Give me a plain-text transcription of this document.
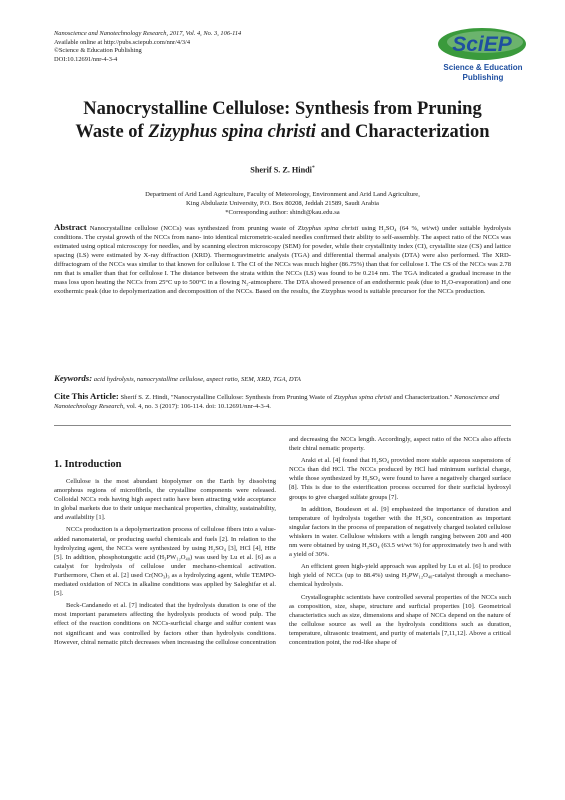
Nanoscience and Nanotechnology Research, 2017, Vol. 4, No. 3, 106-114
Available online at http://pubs.sciepub.com/nnr/4/3/4
©Science & Education Publishing
DOI:10.12691/nnr-4-3-4
SciEP
Science & Education
Publishing
Nanocrystalline Cellulose: Synthesis from Pruning
Waste of Zizyphus spina christi and Characterization
Sherif S. Z. Hindi*
Department of Arid Land Agriculture, Faculty of Meteorology, Environment and Arid Land Agriculture,
King Abdulaziz University, P.O. Box 80208, Jeddah 21589, Saudi Arabia
*Corresponding author: shindi@kau.edu.sa
Abstract Nanocrystalline cellulose (NCCs) was synthesized from pruning waste of Zizyphus spina christi using H₂SO₄ (64 %, wt/wt) under suitable hydrolysis conditions. The crystal growth of the NCCs from nano- into identical micrometric-scaled needles confirmed their ability to self-assembly. The aspect ratio of the NCCs was estimated using optical microscopy for needles, and by scanning electron microscopy (SEM) for powder, while their crystallinity index (CI), crystallite size (CS) and lattice spacing (LS) were estimated by X-ray diffraction (XRD). Thermogravimetric analysis (TGA) and differential thermal analysis (DTA) were also performed. The XRD-diffractogram of the NCCs was similar to that known for cellulose I. The CI of the NCCs was much higher (86.75%) than that for cellulose I. The CS of the NCCs was 2.78 nm that is smaller than that for cellulose I. The distance between the strata within the NCCs (LS) was found to be 0.214 nm. The TGA indicated a gradual increase in the mass loss upon heating the NCCs from 25°C up to 500°C in a flowing N₂-atmosphere. The DTA showed presence of an endothermic peak (due to H₂O-evaporation) and one exothermic peak (due to depolymerization and decomposition of the NCCs. Based on the results, the Zizyphus wood is suitable precursor for the NCCs production.
Keywords: acid hydrolysis, nanocrystalline cellulose, aspect ratio, SEM, XRD, TGA, DTA
Cite This Article: Sherif S. Z. Hindi, "Nanocrystalline Cellulose: Synthesis from Pruning Waste of Zizyphus spina christi and Characterization." Nanoscience and Nanotechnology Research, vol. 4, no. 3 (2017): 106-114. doi: 10.12691/nnr-4-3-4.
1. Introduction

Cellulose is the most abundant biopolymer on the Earth by dissolving amorphous regions of microfibrils, the crystalline components were released. Colloidal NCCs rods having high aspect ratio have been attracting wide acceptance in global markets due to their unique mechanical properties, chirality, sustainability, and availability [1].

NCCs production is a depolymerization process of cellulose fibers into a value-added nanomaterial, or producing useful chemicals and fuels [2]. In relation to the hydrolyzing agent, the NCCs were synthesized by using H₂SO₄ [3], HCl [4], HBr [5]. In addition, phosphotungstic acid (H₃PW₁₂O₄₀) was used by Lu et al. [6] as a catalyst for hydrolysis of cellulose under mechano-chemical activation. Furthermore, Chen et al. [2] used Cr(NO₃)₃ as a hydrolyzing agent, while TEMPO-mediated oxidation of NCCs in alkaline conditions was applied by Saleghifar et al. [5].

Beck-Candanedo et al. [7] indicated that the hydrolysis duration is one of the most important parameters affecting the hydrolysis products of wood pulp. The effect of the reaction conditions on NCCs-surficial charge and sulfur content was not significant and was controlled by factors other than hydrolysis conditions. However, chiral nematic pitch decreases when increasing the cellulose concentration

and decreasing the NCCs length. Accordingly, aspect ratio of the NCCs also affects their chiral nematic property.

Araki et al. [4] found that H₂SO₄ provided more stable aqueous suspensions of NCCs than did HCl. The NCCs produced by HCl had minimum surficial charge, while those synthesized by H₂SO₄ were found to have a negatively charged surface [8]. This is due to the esterification process occurred for their surficial hydroxyl groups to give charged sulfate groups [7].

In addition, Boudeson et al. [9] emphasized the importance of duration and temperature of hydrolysis together with the H₂SO₄ concentration as important singular factors in the process of preparation of negatively charged isolated cellulose whiskers in water. Cellulose whiskers with a length ranging between 200 and 400 nm were obtained by using H₂SO₄ (63.5 wt/wt %) for approximately two h and with a yield of 30%.

An efficient green high-yield approach was applied by Lu et al. [6] to produce high yield of NCCs (up to 88.4%) using H₃PW₁₂O₄₀-catalyst through a mechano-chemical hydrolysis.

Crystallographic scientists have controlled several properties of the NCCs such as composition, size, shape, structure and surficial properties [10]. Geometrical characteristics such as size, dimensions and shape of NCCs depend on the nature of the cellulose source as well as the hydrolysis conditions such as duration, temperature, ultrasonic treatment, and purity of materials [7,11,12]. Above a critical concentration point, the rod-like shape of
